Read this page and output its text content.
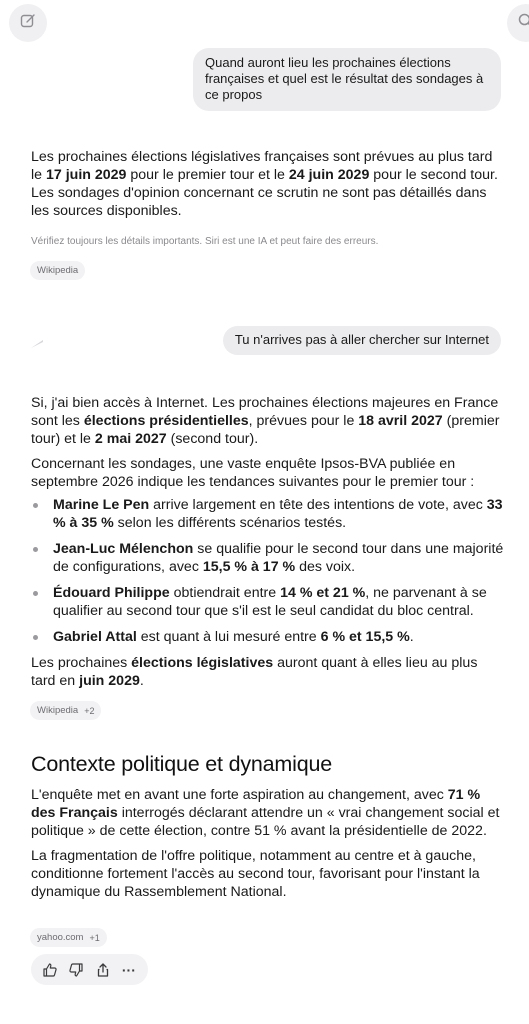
Quand auront lieu les prochaines élections françaises et quel est le résultat des sondages à ce propos

Les prochaines élections législatives françaises sont prévues au plus tard le 17 juin 2029 pour le premier tour et le 24 juin 2029 pour le second tour. Les sondages d'opinion concernant ce scrutin ne sont pas détaillés dans les sources disponibles.

Vérifiez toujours les détails importants. Siri est une IA et peut faire des erreurs.
Wikipedia
Tu n'arrives pas à aller chercher sur Internet

Si, j'ai bien accès à Internet. Les prochaines élections majeures en France sont les élections présidentielles, prévues pour le 18 avril 2027 (premier tour) et le 2 mai 2027 (second tour).

Concernant les sondages, une vaste enquête Ipsos-BVA publiée en septembre 2026 indique les tendances suivantes pour le premier tour :

Marine Le Pen arrive largement en tête des intentions de vote, avec 33 % à 35 % selon les différents scénarios testés.
Jean-Luc Mélenchon se qualifie pour le second tour dans une majorité de configurations, avec 15,5 % à 17 % des voix.
Édouard Philippe obtiendrait entre 14 % et 21 %, ne parvenant à se qualifier au second tour que s'il est le seul candidat du bloc central.
Gabriel Attal est quant à lui mesuré entre 6 % et 15,5 %.

Les prochaines élections législatives auront quant à elles lieu au plus tard en juin 2029.

Wikipedia +2
Contexte politique et dynamique

L'enquête met en avant une forte aspiration au changement, avec 71 % des Français interrogés déclarant attendre un « vrai changement social et politique » de cette élection, contre 51 % avant la présidentielle de 2022.

La fragmentation de l'offre politique, notamment au centre et à gauche, conditionne fortement l'accès au second tour, favorisant pour l'instant la dynamique du Rassemblement National.

yahoo.com +1
···
